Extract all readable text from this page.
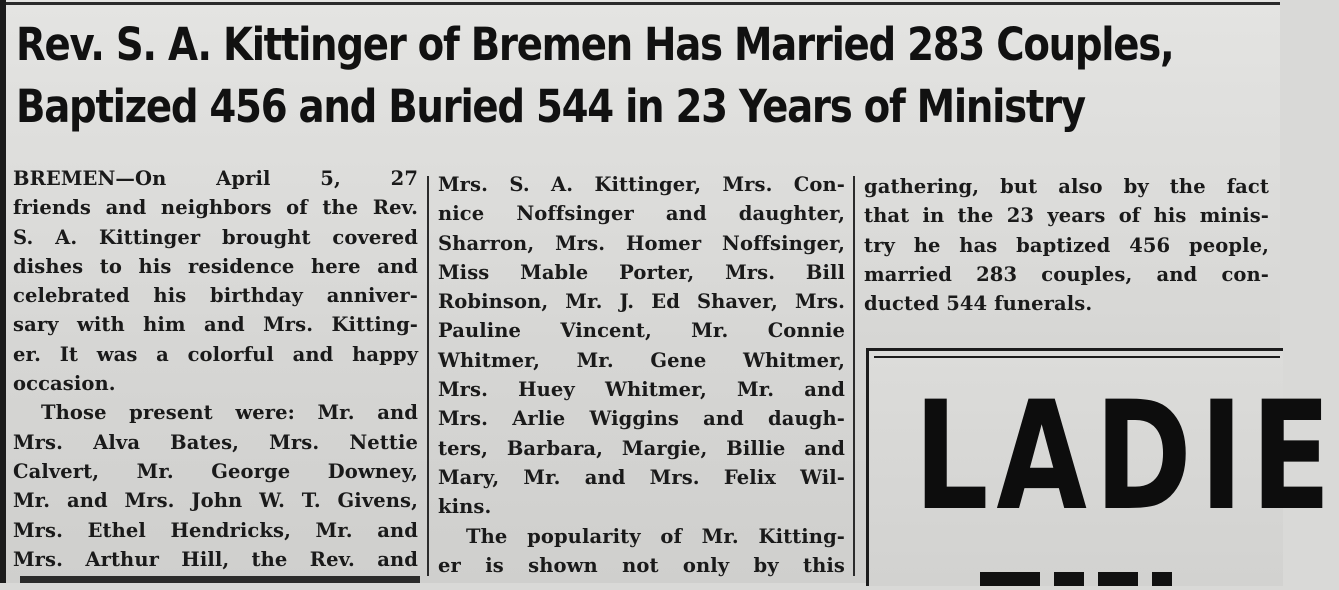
Rev. S. A. Kittinger of Bremen Has Married 283 Couples,
Baptized 456 and Buried 544 in 23 Years of Ministry

BREMEN—On April 5, 27

friends and neighbors of the Rev.

S. A. Kittinger brought covered

dishes to his residence here and

celebrated his birthday anniver-

sary with him and Mrs. Kitting-

er. It was a colorful and happy

occasion.

Those present were: Mr. and

Mrs. Alva Bates, Mrs. Nettie

Calvert, Mr. George Downey,

Mr. and Mrs. John W. T. Givens,

Mrs. Ethel Hendricks, Mr. and

Mrs. Arthur Hill, the Rev. and

Mrs. S. A. Kittinger, Mrs. Con-

nice Noffsinger and daughter,

Sharron, Mrs. Homer Noffsinger,

Miss Mable Porter, Mrs. Bill

Robinson, Mr. J. Ed Shaver, Mrs.

Pauline Vincent, Mr. Connie

Whitmer, Mr. Gene Whitmer,

Mrs. Huey Whitmer, Mr. and

Mrs. Arlie Wiggins and daugh-

ters, Barbara, Margie, Billie and

Mary, Mr. and Mrs. Felix Wil-

kins.

The popularity of Mr. Kitting-

er is shown not only by this

gathering, but also by the fact

that in the 23 years of his minis-

try he has baptized 456 people,

married 283 couples, and con-

ducted 544 funerals.

LADIE
